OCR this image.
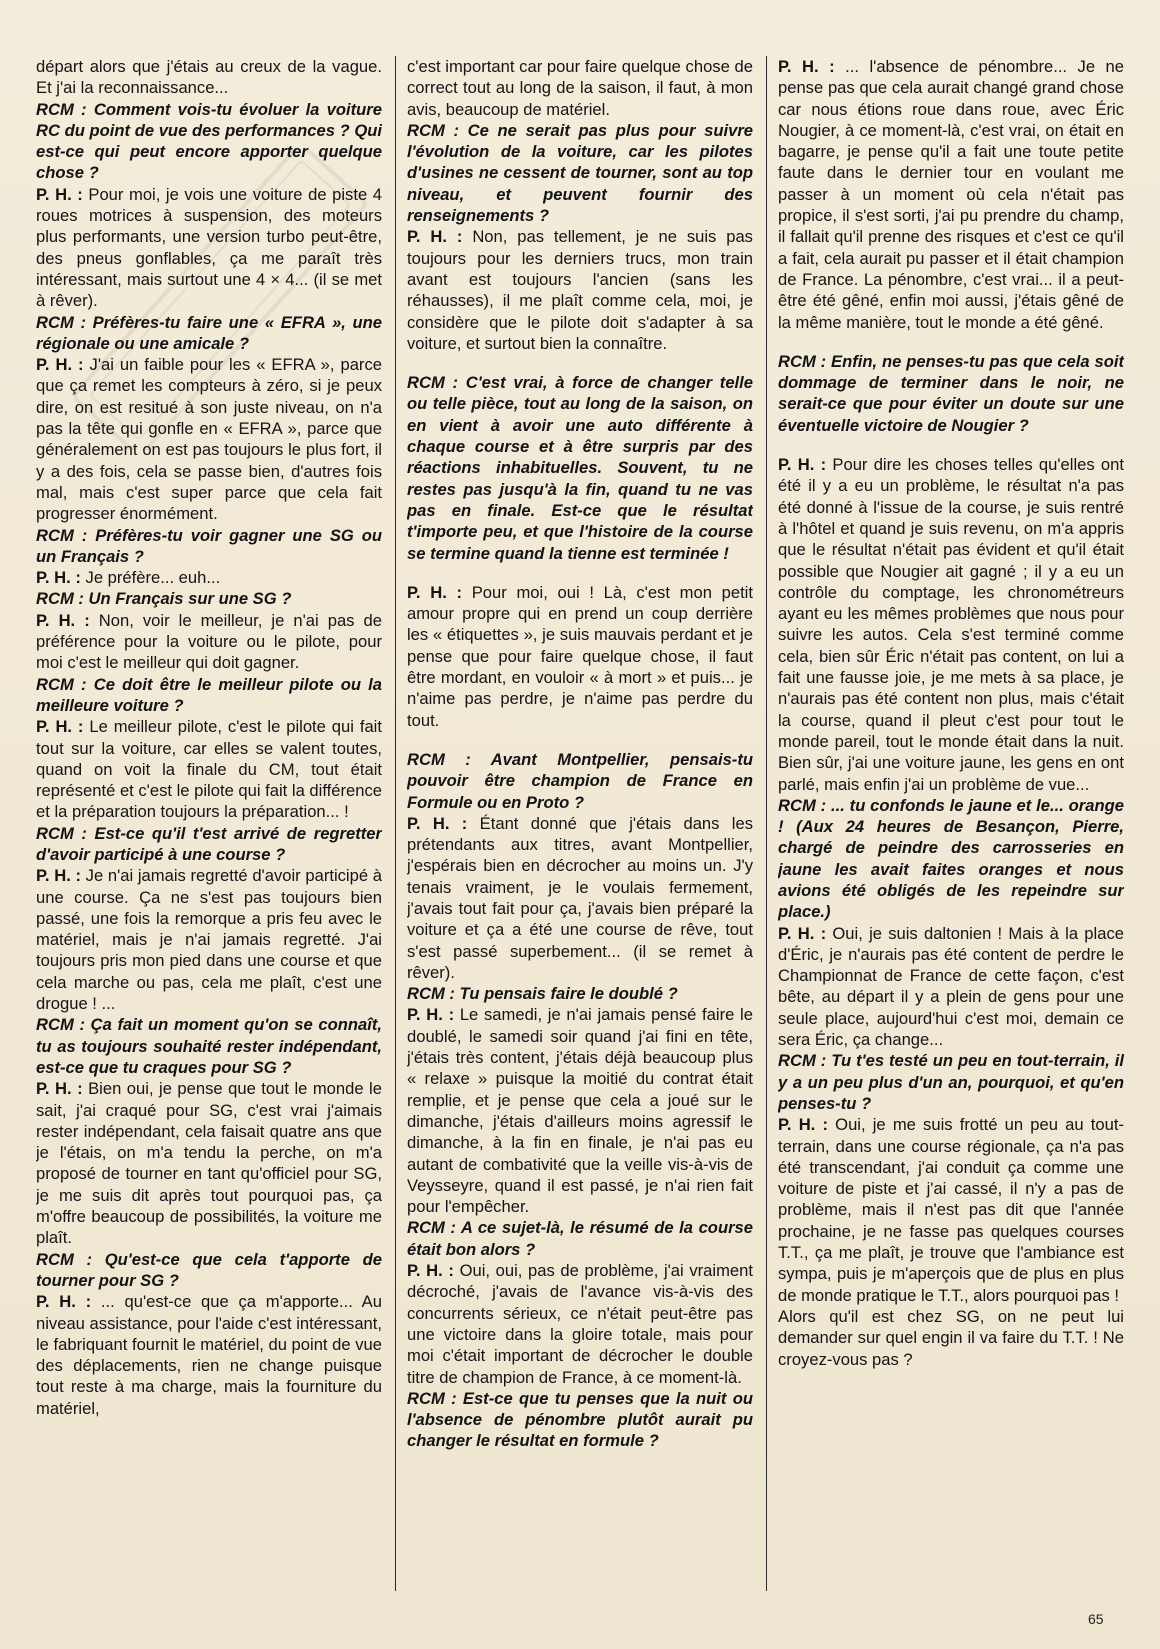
départ alors que j'étais au creux de la vague. Et j'ai la reconnaissance...
RCM : Comment vois-tu évoluer la voiture RC du point de vue des performances ? Qui est-ce qui peut encore apporter quelque chose ?
P. H. : Pour moi, je vois une voiture de piste 4 roues motrices à suspension, des moteurs plus performants, une version turbo peut-être, des pneus gonflables, ça me paraît très intéressant, mais surtout une 4 × 4... (il se met à rêver).
RCM : Préfères-tu faire une « EFRA », une régionale ou une amicale ?
P. H. : J'ai un faible pour les « EFRA », parce que ça remet les compteurs à zéro, si je peux dire, on est resitué à son juste niveau, on n'a pas la tête qui gonfle en « EFRA », parce que généralement on est pas toujours le plus fort, il y a des fois, cela se passe bien, d'autres fois mal, mais c'est super parce que cela fait progresser énormément.
RCM : Préfères-tu voir gagner une SG ou un Français ?
P. H. : Je préfère... euh...
RCM : Un Français sur une SG ?
P. H. : Non, voir le meilleur, je n'ai pas de préférence pour la voiture ou le pilote, pour moi c'est le meilleur qui doit gagner.
RCM : Ce doit être le meilleur pilote ou la meilleure voiture ?
P. H. : Le meilleur pilote, c'est le pilote qui fait tout sur la voiture, car elles se valent toutes, quand on voit la finale du CM, tout était représenté et c'est le pilote qui fait la différence et la préparation toujours la préparation... !
RCM : Est-ce qu'il t'est arrivé de regretter d'avoir participé à une course ?
P. H. : Je n'ai jamais regretté d'avoir participé à une course. Ça ne s'est pas toujours bien passé, une fois la remorque a pris feu avec le matériel, mais je n'ai jamais regretté. J'ai toujours pris mon pied dans une course et que cela marche ou pas, cela me plaît, c'est une drogue ! ...
RCM : Ça fait un moment qu'on se connaît, tu as toujours souhaité rester indépendant, est-ce que tu craques pour SG ?
P. H. : Bien oui, je pense que tout le monde le sait, j'ai craqué pour SG, c'est vrai j'aimais rester indépendant, cela faisait quatre ans que je l'étais, on m'a tendu la perche, on m'a proposé de tourner en tant qu'officiel pour SG, je me suis dit après tout pourquoi pas, ça m'offre beaucoup de possibilités, la voiture me plaît.
RCM : Qu'est-ce que cela t'apporte de tourner pour SG ?
P. H. : ... qu'est-ce que ça m'apporte... Au niveau assistance, pour l'aide c'est intéressant, le fabriquant fournit le matériel, du point de vue des déplacements, rien ne change puisque tout reste à ma charge, mais la fourniture du matériel,
c'est important car pour faire quelque chose de correct tout au long de la saison, il faut, à mon avis, beaucoup de matériel.
RCM : Ce ne serait pas plus pour suivre l'évolution de la voiture, car les pilotes d'usines ne cessent de tourner, sont au top niveau, et peuvent fournir des renseignements ?
P. H. : Non, pas tellement, je ne suis pas toujours pour les derniers trucs, mon train avant est toujours l'ancien (sans les réhausses), il me plaît comme cela, moi, je considère que le pilote doit s'adapter à sa voiture, et surtout bien la connaître.
RCM : C'est vrai, à force de changer telle ou telle pièce, tout au long de la saison, on en vient à avoir une auto différente à chaque course et à être surpris par des réactions inhabituelles. Souvent, tu ne restes pas jusqu'à la fin, quand tu ne vas pas en finale. Est-ce que le résultat t'importe peu, et que l'histoire de la course se termine quand la tienne est terminée !
P. H. : Pour moi, oui ! Là, c'est mon petit amour propre qui en prend un coup derrière les « étiquettes », je suis mauvais perdant et je pense que pour faire quelque chose, il faut être mordant, en vouloir « à mort » et puis... je n'aime pas perdre, je n'aime pas perdre du tout.
RCM : Avant Montpellier, pensais-tu pouvoir être champion de France en Formule ou en Proto ?
P. H. : Étant donné que j'étais dans les prétendants aux titres, avant Montpellier, j'espérais bien en décrocher au moins un. J'y tenais vraiment, je le voulais fermement, j'avais tout fait pour ça, j'avais bien préparé la voiture et ça a été une course de rêve, tout s'est passé superbement... (il se remet à rêver).
RCM : Tu pensais faire le doublé ?
P. H. : Le samedi, je n'ai jamais pensé faire le doublé, le samedi soir quand j'ai fini en tête, j'étais très content, j'étais déjà beaucoup plus « relaxe » puisque la moitié du contrat était remplie, et je pense que cela a joué sur le dimanche, j'étais d'ailleurs moins agressif le dimanche, à la fin en finale, je n'ai pas eu autant de combativité que la veille vis-à-vis de Veysseyre, quand il est passé, je n'ai rien fait pour l'empêcher.
RCM : A ce sujet-là, le résumé de la course était bon alors ?
P. H. : Oui, oui, pas de problème, j'ai vraiment décroché, j'avais de l'avance vis-à-vis des concurrents sérieux, ce n'était peut-être pas une victoire dans la gloire totale, mais pour moi c'était important de décrocher le double titre de champion de France, à ce moment-là.
RCM : Est-ce que tu penses que la nuit ou l'absence de pénombre plutôt aurait pu changer le résultat en formule ?
P. H. : ... l'absence de pénombre... Je ne pense pas que cela aurait changé grand chose car nous étions roue dans roue, avec Éric Nougier, à ce moment-là, c'est vrai, on était en bagarre, je pense qu'il a fait une toute petite faute dans le dernier tour en voulant me passer à un moment où cela n'était pas propice, il s'est sorti, j'ai pu prendre du champ, il fallait qu'il prenne des risques et c'est ce qu'il a fait, cela aurait pu passer et il était champion de France. La pénombre, c'est vrai... il a peut-être été gêné, enfin moi aussi, j'étais gêné de la même manière, tout le monde a été gêné.
RCM : Enfin, ne penses-tu pas que cela soit dommage de terminer dans le noir, ne serait-ce que pour éviter un doute sur une éventuelle victoire de Nougier ?
P. H. : Pour dire les choses telles qu'elles ont été il y a eu un problème, le résultat n'a pas été donné à l'issue de la course, je suis rentré à l'hôtel et quand je suis revenu, on m'a appris que le résultat n'était pas évident et qu'il était possible que Nougier ait gagné ; il y a eu un contrôle du comptage, les chronométreurs ayant eu les mêmes problèmes que nous pour suivre les autos. Cela s'est terminé comme cela, bien sûr Éric n'était pas content, on lui a fait une fausse joie, je me mets à sa place, je n'aurais pas été content non plus, mais c'était la course, quand il pleut c'est pour tout le monde pareil, tout le monde était dans la nuit. Bien sûr, j'ai une voiture jaune, les gens en ont parlé, mais enfin j'ai un problème de vue...
RCM : ... tu confonds le jaune et le... orange ! (Aux 24 heures de Besançon, Pierre, chargé de peindre des carrosseries en jaune les avait faites oranges et nous avions été obligés de les repeindre sur place.)
P. H. : Oui, je suis daltonien ! Mais à la place d'Éric, je n'aurais pas été content de perdre le Championnat de France de cette façon, c'est bête, au départ il y a plein de gens pour une seule place, aujourd'hui c'est moi, demain ce sera Éric, ça change...
RCM : Tu t'es testé un peu en tout-terrain, il y a un peu plus d'un an, pourquoi, et qu'en penses-tu ?
P. H. : Oui, je me suis frotté un peu au tout-terrain, dans une course régionale, ça n'a pas été transcendant, j'ai conduit ça comme une voiture de piste et j'ai cassé, il n'y a pas de problème, mais il n'est pas dit que l'année prochaine, je ne fasse pas quelques courses T.T., ça me plaît, je trouve que l'ambiance est sympa, puis je m'aperçois que de plus en plus de monde pratique le T.T., alors pourquoi pas !
Alors qu'il est chez SG, on ne peut lui demander sur quel engin il va faire du T.T. ! Ne croyez-vous pas ?
65
